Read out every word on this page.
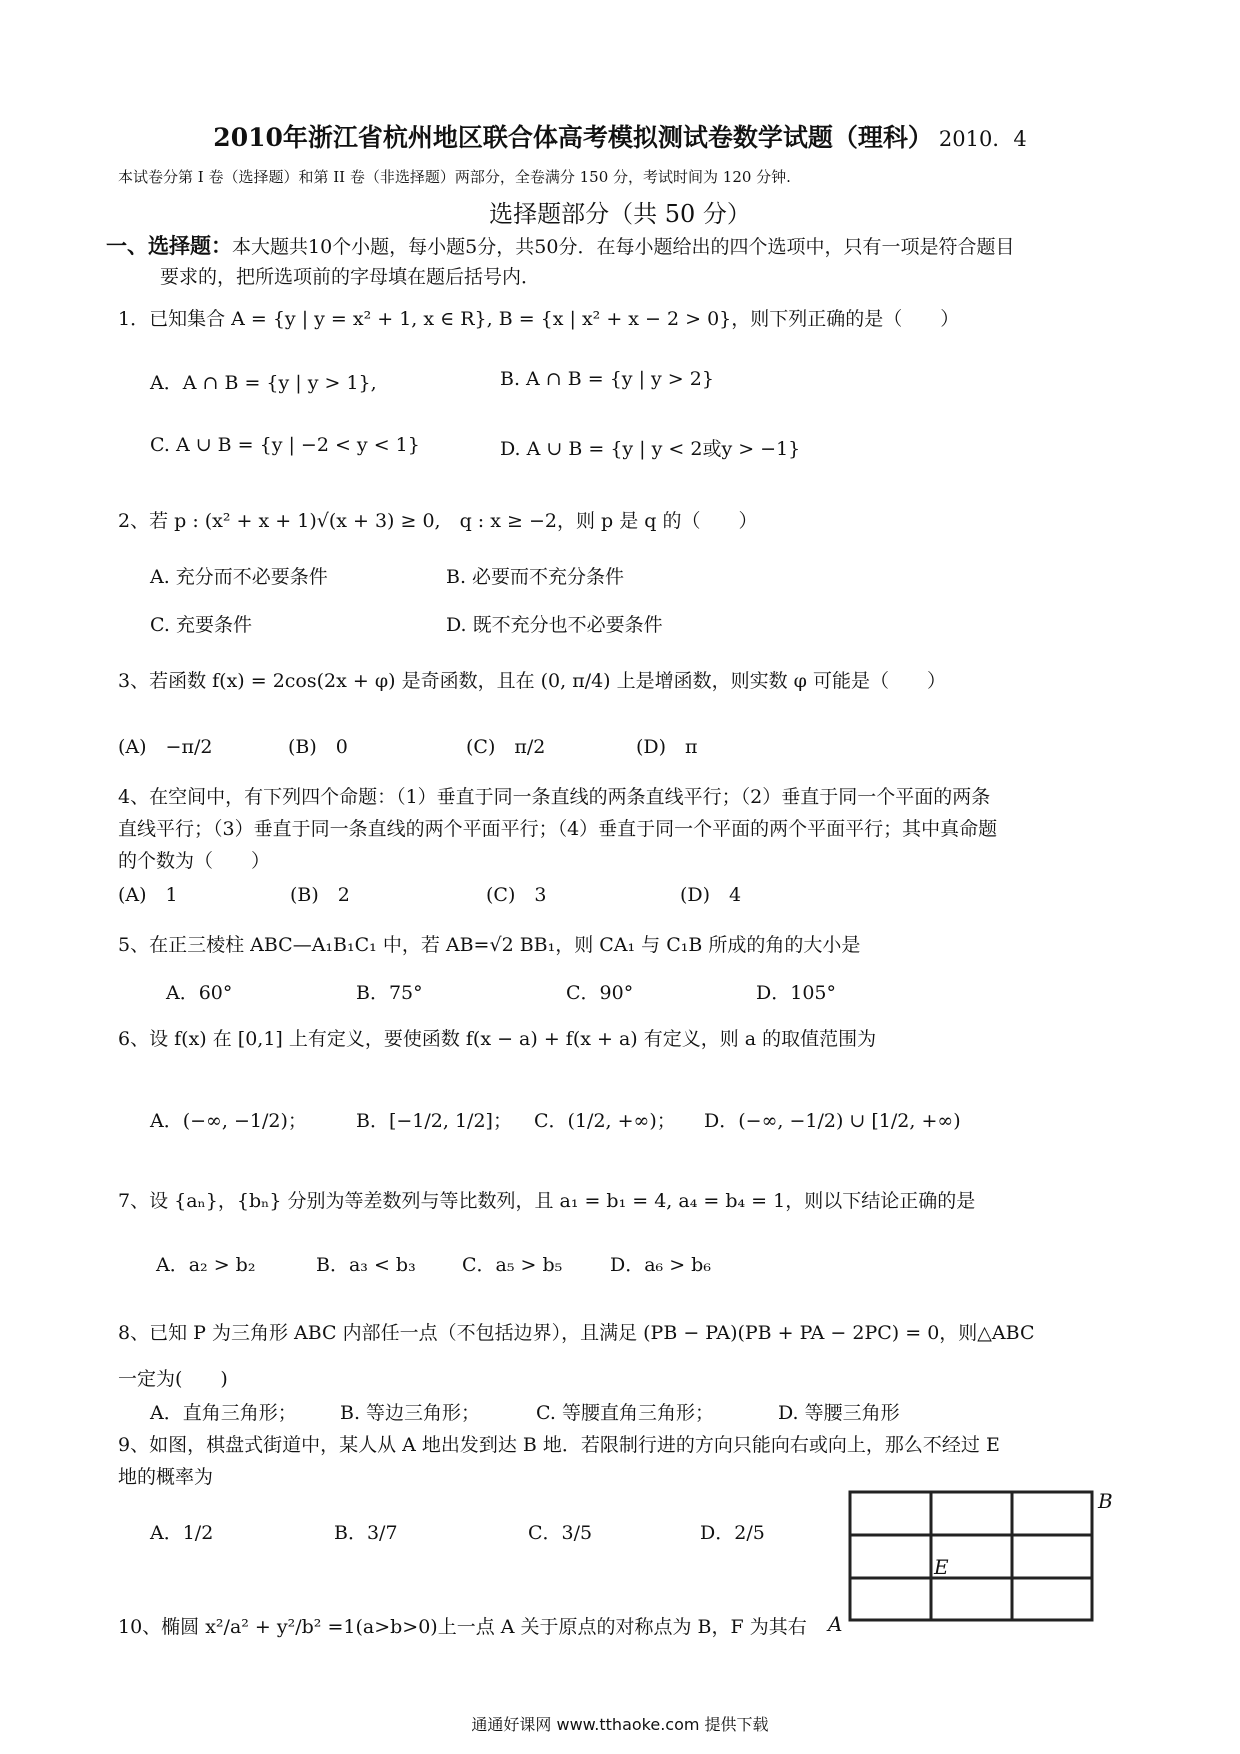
2010年浙江省杭州地区联合体高考模拟测试卷数学试题（理科） 2010．4
本试卷分第 I 卷（选择题）和第 II 卷（非选择题）两部分，全卷满分 150 分，考试时间为 120 分钟.
选择题部分（共 50 分）
一、选择题：本大题共10个小题，每小题5分，共50分．在每小题给出的四个选项中，只有一项是符合题目
要求的，把所选项前的字母填在题后括号内．
1．已知集合 A = {y | y = x² + 1, x ∈ R}, B = {x | x² + x − 2 > 0}，则下列正确的是（　　）
A．A ∩ B = {y | y > 1},	B. A ∩ B = {y | y > 2}
C. A ∪ B = {y | −2 < y < 1}	D. A ∪ B = {y | y < 2或y > −1}
2、若 p : (x² + x + 1)√(x + 3) ≥ 0,　q : x ≥ −2，则 p 是 q 的（　　）
A. 充分而不必要条件	B. 必要而不充分条件
C. 充要条件	D. 既不充分也不必要条件
3、若函数 f(x) = 2cos(2x + φ) 是奇函数，且在 (0, π/4) 上是增函数，则实数 φ 可能是（　　）
(A)　−π/2	(B)　0	(C)　π/2	(D)　π
4、在空间中，有下列四个命题：（1）垂直于同一条直线的两条直线平行；（2）垂直于同一个平面的两条
直线平行；（3）垂直于同一条直线的两个平面平行；（4）垂直于同一个平面的两个平面平行；其中真命题
的个数为（　　）
(A)　1	(B)　2	(C)　3	(D)　4
5、在正三棱柱 ABC—A₁B₁C₁ 中，若 AB=√2 BB₁，则 CA₁ 与 C₁B 所成的角的大小是
A．60°	B．75°	C．90°	D．105°
6、设 f(x) 在 [0,1] 上有定义，要使函数 f(x − a) + f(x + a) 有定义，则 a 的取值范围为
A．(−∞, −1/2)；	B．[−1/2, 1/2]； C．(1/2, +∞)； D．(−∞, −1/2) ∪ [1/2, +∞)
7、设 {aₙ}，{bₙ} 分别为等差数列与等比数列，且 a₁ = b₁ = 4, a₄ = b₄ = 1，则以下结论正确的是
A．a₂ > b₂	B．a₃ < b₃ C．a₅ > b₅	D．a₆ > b₆
8、已知 P 为三角形 ABC 内部任一点（不包括边界），且满足 (PB − PA)(PB + PA − 2PC) = 0，则△ABC
一定为(　　)
A．直角三角形； B. 等边三角形；	C. 等腰直角三角形；	D. 等腰三角形
9、如图，棋盘式街道中，某人从 A 地出发到达 B 地．若限制行进的方向只能向右或向上，那么不经过 E
地的概率为
A．1/2	B．3/7	C．3/5	D．2/5
B
E
A
10、椭圆 x²/a² + y²/b² =1(a>b>0)上一点 A 关于原点的对称点为 B，F 为其右
通通好课网 www.tthaoke.com 提供下载
